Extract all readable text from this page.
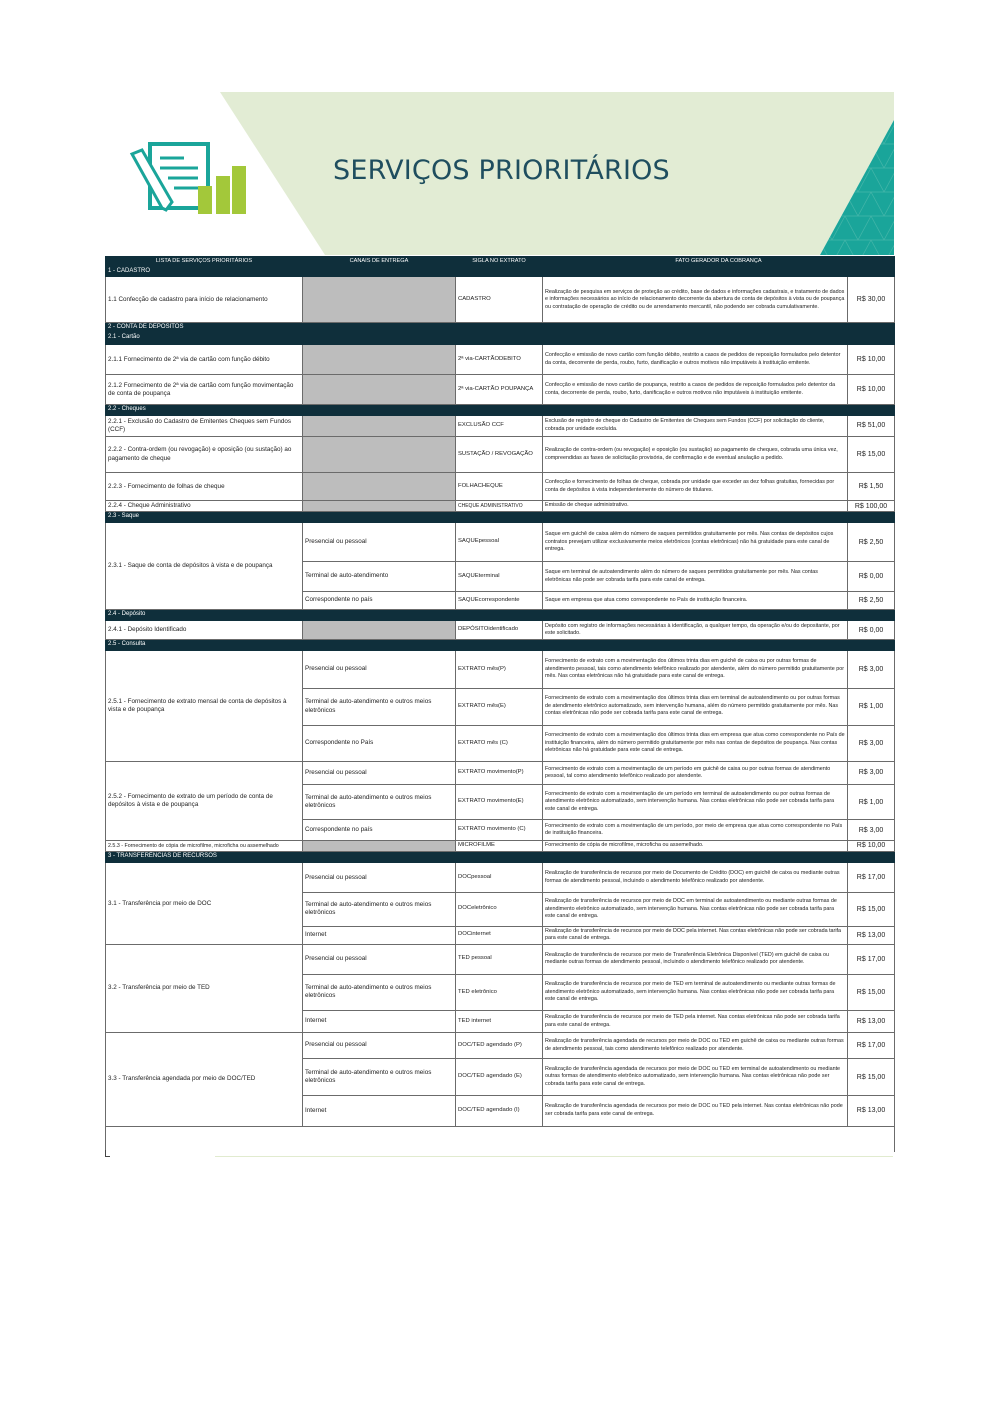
SERVIÇOS PRIORITÁRIOS
LISTA DE SERVIÇOS PRIORITÁRIOS	CANAIS DE ENTREGA	SIGLA NO EXTRATO	FATO GERADOR DA COBRANÇA	
1 - CADASTRO				
1.1 Confecção de cadastro para início de relacionamento		CADASTRO	Realização de pesquisa em serviços de proteção ao crédito, base de dados e informações cadastrais, e tratamento de dados e informações necessários ao início de relacionamento decorrente da abertura de conta de depósitos à vista ou de poupança ou contratação de operação de crédito ou de arrendamento mercantil, não podendo ser cobrada cumulativamente.	R$ 30,00
2 - CONTA DE DEPÓSITOS				
2.1 - Cartão				
2.1.1 Fornecimento de 2ª via de cartão com função débito		2ª via-CARTÃODEBITO	Confecção e emissão de novo cartão com função débito, restrito a casos de pedidos de reposição formulados pelo detentor da conta, decorrente de perda, roubo, furto, danificação e outros motivos não imputáveis à instituição emitente.	R$ 10,00
2.1.2 Fornecimento de 2ª via de cartão com função movimentação de conta de poupança		2ª via-CARTÃO POUPANÇA	Confecção e emissão de novo cartão de poupança, restrito a casos de pedidos de reposição formulados pelo detentor da conta, decorrente de perda, roubo, furto, danificação e outros motivos não imputáveis à instituição emitente.	R$ 10,00
2.2 - Cheques				
2.2.1 - Exclusão do Cadastro de Emitentes Cheques sem Fundos (CCF)		EXCLUSÃO CCF	Exclusão de registro de cheque do Cadastro de Emitentes de Cheques sem Fundos (CCF) por solicitação do cliente, cobrada por unidade excluída.	R$ 51,00
2.2.2 - Contra-ordem (ou revogação) e oposição (ou sustação) ao pagamento de cheque		SUSTAÇÃO / REVOGAÇÃO	Realização de contra-ordem (ou revogação) e oposição (ou sustação) ao pagamento de cheques, cobrada uma única vez, compreendidas as fases de solicitação provisória, de confirmação e de eventual anulação a pedido.	R$ 15,00
2.2.3 - Fornecimento de folhas de cheque		FOLHACHEQUE	Confecção e fornecimento de folhas de cheque, cobrada por unidade que exceder as dez folhas gratuitas, fornecidas por conta de depósitos à vista independentemente do número de titulares.	R$ 1,50
2.2.4 - Cheque Administrativo		CHEQUE ADMINISTRATIVO	Emissão de cheque administrativo.	R$ 100,00
2.3 - Saque				
2.3.1 - Saque de conta de depósitos à vista e de poupança	Presencial ou pessoal	SAQUEpessoal	Saque em guichê de caixa além do número de saques permitidos gratuitamente por mês. Nas contas de depósitos cujos contratos prevejam utilizar exclusivamente meios eletrônicos (contas eletrônicas) não há gratuidade para este canal de entrega.	R$ 2,50
	Terminal de auto-atendimento	SAQUEterminal	Saque em terminal de autoatendimento além do número de saques permitidos gratuitamente por mês. Nas contas eletrônicas não pode ser cobrada tarifa para este canal de entrega.	R$ 0,00
	Correspondente no país	SAQUEcorrespondente	Saque em empresa que atua como correspondente no País de instituição financeira.	R$ 2,50
2.4 - Depósito				
2.4.1 - Depósito Identificado		DEPÓSITOidentificado	Depósito com registro de informações necessárias à identificação, a qualquer tempo, da operação e/ou do depositante, por este solicitado.	R$ 0,00
2.5 - Consulta				
2.5.1 - Fornecimento de extrato mensal de conta de depósitos à vista e de poupança	Presencial ou pessoal	EXTRATO mês(P)	Fornecimento de extrato com a movimentação dos últimos trinta dias em guichê de caixa ou por outras formas de atendimento pessoal, tais como atendimento telefônico realizado por atendente, além do número permitido gratuitamente por mês. Nas contas eletrônicas não há gratuidade para este canal de entrega.	R$ 3,00
	Terminal de auto-atendimento e outros meios eletrônicos	EXTRATO mês(E)	Fornecimento de extrato com a movimentação dos últimos trinta dias em terminal de autoatendimento ou por outras formas de atendimento eletrônico automatizado, sem intervenção humana, além do número permitido gratuitamente por mês. Nas contas eletrônicas não pode ser cobrada tarifa para este canal de entrega.	R$ 1,00
	Correspondente no País	EXTRATO mês (C)	Fornecimento de extrato com a movimentação dos últimos trinta dias em empresa que atua como correspondente no País de instituição financeira, além do número permitido gratuitamente por mês nas contas de depósitos de poupança. Nas contas eletrônicas não há gratuidade para este canal de entrega.	R$ 3,00
2.5.2 - Fornecimento de extrato de um período de conta de depósitos à vista e de poupança	Presencial ou pessoal	EXTRATO movimento(P)	Fornecimento de extrato com a movimentação de um período em guichê de caixa ou por outras formas de atendimento pessoal, tal como atendimento telefônico realizado por atendente.	R$ 3,00
	Terminal de auto-atendimento e outros meios eletrônicos	EXTRATO movimento(E)	Fornecimento de extrato com a movimentação de um período em terminal de autoatendimento ou por outras formas de atendimento eletrônico automatizado, sem intervenção humana. Nas contas eletrônicas não pode ser cobrada tarifa para este canal de entrega.	R$ 1,00
	Correspondente no país	EXTRATO movimento (C)	Fornecimento de extrato com a movimentação de um período, por meio de empresa que atua como correspondente no País de instituição financeira.	R$ 3,00
2.5.3 - Fornecimento de cópia de microfilme, microficha ou assemelhado		MICROFILME	Fornecimento de cópia de microfilme, microficha ou assemelhado.	R$ 10,00
3 - TRANSFERÊNCIAS DE RECURSOS				
3.1 - Transferência por meio de DOC	Presencial ou pessoal	DOCpessoal	Realização de transferência de recursos por meio de Documento de Crédito (DOC) em guichê de caixa ou mediante outras formas de atendimento pessoal, incluindo o atendimento telefônico realizado por atendente.	R$ 17,00
	Terminal de auto-atendimento e outros meios eletrônicos	DOCeletrônico	Realização de transferência de recursos por meio de DOC em terminal de autoatendimento ou mediante outras formas de atendimento eletrônico automatizado, sem intervenção humana. Nas contas eletrônicas não pode ser cobrada tarifa para este canal de entrega.	R$ 15,00
	Internet	DOCinternet	Realização de transferência de recursos por meio de DOC pela internet. Nas contas eletrônicas não pode ser cobrada tarifa para este canal de entrega.	R$ 13,00
3.2 - Transferência por meio de TED	Presencial ou pessoal	TED pessoal	Realização de transferência de recursos por meio de Transferência Eletrônica Disponível (TED) em guichê de caixa ou mediante outras formas de atendimento pessoal, incluindo o atendimento telefônico realizado por atendente.	R$ 17,00
	Terminal de auto-atendimento e outros meios eletrônicos	TED eletrônico	Realização de transferência de recursos por meio de TED em terminal de autoatendimento ou mediante outras formas de atendimento eletrônico automatizado, sem intervenção humana. Nas contas eletrônicas não pode ser cobrada tarifa para este canal de entrega.	R$ 15,00
	Internet	TED internet	Realização de transferência de recursos por meio de TED pela internet. Nas contas eletrônicas não pode ser cobrada tarifa para este canal de entrega.	R$ 13,00
3.3 - Transferência agendada por meio de DOC/TED	Presencial ou pessoal	DOC/TED agendado (P)	Realização de transferência agendada de recursos por meio de DOC ou TED em guichê de caixa ou mediante outras formas de atendimento pessoal, tais como atendimento telefônico realizado por atendente.	R$ 17,00
	Terminal de auto-atendimento e outros meios eletrônicos	DOC/TED agendado (E)	Realização de transferência agendada de recursos por meio de DOC ou TED em terminal de autoatendimento ou mediante outras formas de atendimento eletrônico automatizado, sem intervenção humana. Nas contas eletrônicas não pode ser cobrada tarifa para este canal de entrega.	R$ 15,00
	Internet	DOC/TED agendado (I)	Realização de transferência agendada de recursos por meio de DOC ou TED pela internet. Nas contas eletrônicas não pode ser cobrada tarifa para este canal de entrega.	R$ 13,00
